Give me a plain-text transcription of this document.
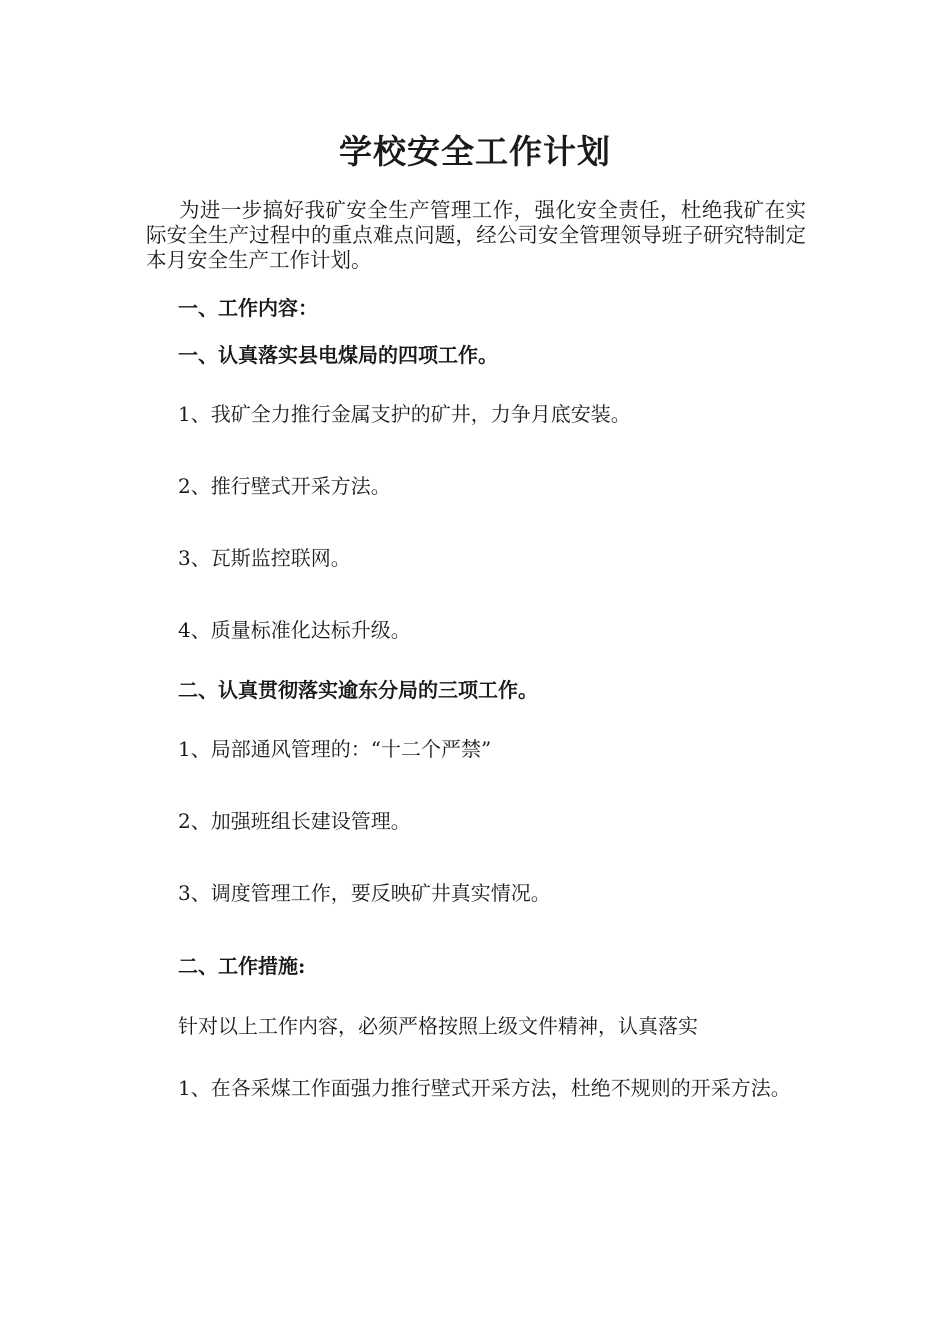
学校安全工作计划

为进一步搞好我矿安全生产管理工作，强化安全责任，杜绝我矿在实际安全生产过程中的重点难点问题，经公司安全管理领导班子研究特制定本月安全生产工作计划。

一、工作内容：

一、认真落实县电煤局的四项工作。

1、我矿全力推行金属支护的矿井，力争月底安装。

2、推行壁式开采方法。

3、瓦斯监控联网。

4、质量标准化达标升级。

二、认真贯彻落实逾东分局的三项工作。

1、局部通风管理的：“十二个严禁”

2、加强班组长建设管理。

3、调度管理工作，要反映矿井真实情况。

二、工作措施:

针对以上工作内容，必须严格按照上级文件精神，认真落实

1、在各采煤工作面强力推行壁式开采方法，杜绝不规则的开采方法。
